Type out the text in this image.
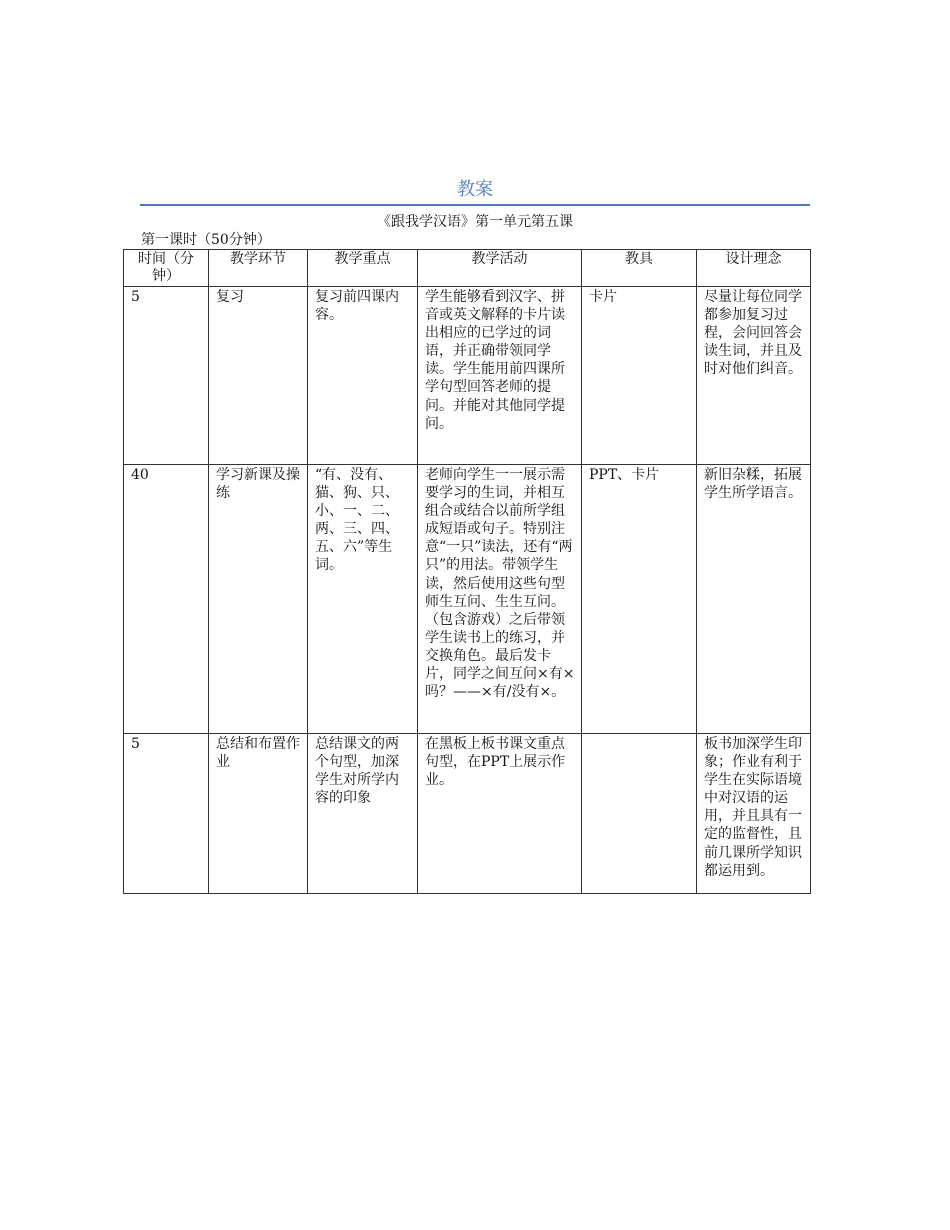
教案
《跟我学汉语》第一单元第五课
第一课时（50分钟）
时间（分钟）	教学环节	教学重点	教学活动	教具	设计理念
5	复习	复习前四课内容。	学生能够看到汉字、拼音或英文解释的卡片读出相应的已学过的词语，并正确带领同学读。学生能用前四课所学句型回答老师的提问。并能对其他同学提问。	卡片	尽量让每位同学都参加复习过程，会问回答会读生词，并且及时对他们纠音。
40	学习新课及操练	“有、没有、猫、狗、只、小、一、二、两、三、四、五、六”等生词。	老师向学生一一展示需要学习的生词，并相互组合或结合以前所学组成短语或句子。特别注意“一只”读法，还有“两只”的用法。带领学生读，然后使用这些句型师生互问、生生互问。（包含游戏）之后带领学生读书上的练习，并交换角色。最后发卡片，同学之间互问×有×吗？——×有/没有×。	PPT、卡片	新旧杂糅，拓展学生所学语言。
5	总结和布置作业	总结课文的两个句型，加深学生对所学内容的印象	在黑板上板书课文重点句型，在PPT上展示作业。		板书加深学生印象；作业有利于学生在实际语境中对汉语的运用，并且具有一定的监督性，且前几课所学知识都运用到。
